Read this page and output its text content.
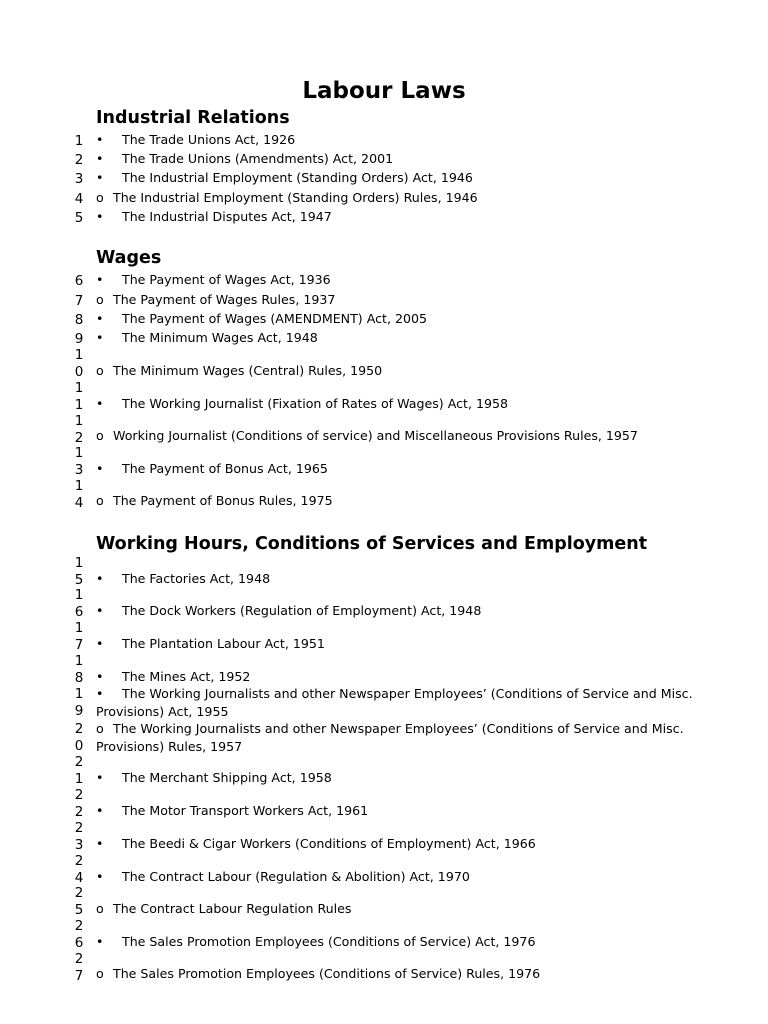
Labour Laws
Industrial Relations
Wages
Working Hours, Conditions of Services and Employment
1
2
3
4
5
6
7
8
9
1
0
1
1
1
2
1
3
1
4
1
5
1
6
1
7
1
8
1
9
2
0
2
1
2
2
2
3
2
4
2
5
2
6
2
7
• The Trade Unions Act, 1926
• The Trade Unions (Amendments) Act, 2001
• The Industrial Employment (Standing Orders) Act, 1946
o The Industrial Employment (Standing Orders) Rules, 1946
• The Industrial Disputes Act, 1947
• The Payment of Wages Act, 1936
o The Payment of Wages Rules, 1937
• The Payment of Wages (AMENDMENT) Act, 2005
• The Minimum Wages Act, 1948
o The Minimum Wages (Central) Rules, 1950
• The Working Journalist (Fixation of Rates of Wages) Act, 1958
o Working Journalist (Conditions of service) and Miscellaneous Provisions Rules, 1957
• The Payment of Bonus Act, 1965
o The Payment of Bonus Rules, 1975
• The Factories Act, 1948
• The Dock Workers (Regulation of Employment) Act, 1948
• The Plantation Labour Act, 1951
• The Mines Act, 1952
• The Working Journalists and other Newspaper Employees’ (Conditions of Service and Misc. Provisions) Act, 1955
o The Working Journalists and other Newspaper Employees’ (Conditions of Service and Misc. Provisions) Rules, 1957
• The Merchant Shipping Act, 1958
• The Motor Transport Workers Act, 1961
• The Beedi & Cigar Workers (Conditions of Employment) Act, 1966
• The Contract Labour (Regulation & Abolition) Act, 1970
o The Contract Labour Regulation Rules
• The Sales Promotion Employees (Conditions of Service) Act, 1976
o The Sales Promotion Employees (Conditions of Service) Rules, 1976
